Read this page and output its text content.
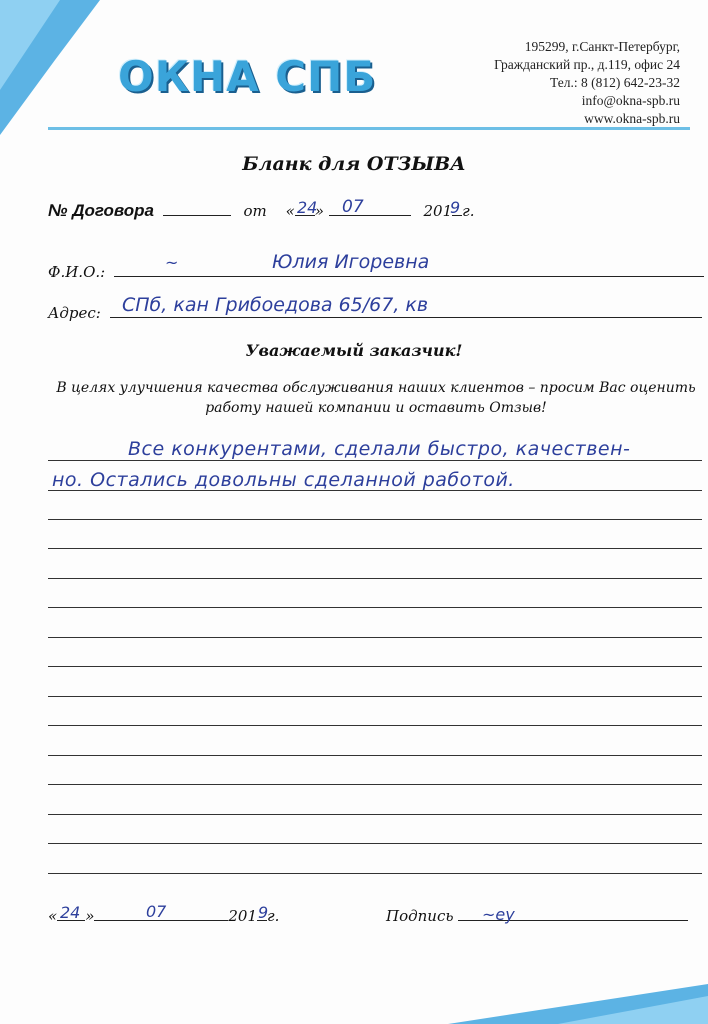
ОКНА СПБ
195299, г.Санкт-Петербург,
Гражданский пр., д.119, офис 24
Тел.: 8 (812) 642-23-32
info@okna-spb.ru
www.okna-spb.ru
Бланк для ОТЗЫВА
№ Договора	от « »	201 г.
24 07	9
Ф.И.О.:	~	Юлия Игоревна
Адрес:	СПб, кан Грибоедова 65/67, кв
Уважаемый заказчик!
В целях улучшения качества обслуживания наших клиентов – просим Вас оценить работу нашей компании и оставить Отзыв!
Все конкурентами, сделали быстро, качествен-
но. Остались довольны сделанной работой.
« »	201 г.
24	07	9	Подпись	~ey
